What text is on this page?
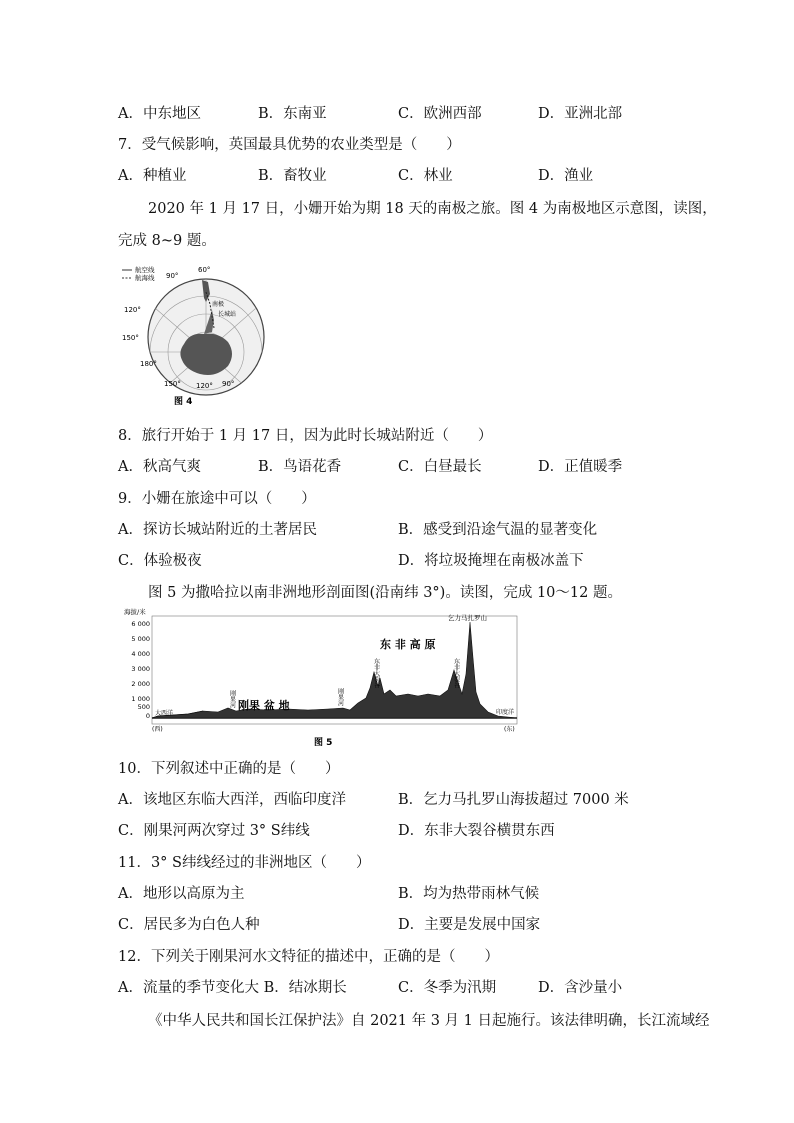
A．中东地区	B．东南亚	C．欧洲西部	D．亚洲北部
7．受气候影响，英国最具优势的农业类型是（　　）
A．种植业	B．畜牧业	C．林业	D．渔业
2020 年 1 月 17 日，小姗开始为期 18 天的南极之旅。图 4 为南极地区示意图，读图，
完成 8~9 题。
航空线
航海线
60°
90°
120°
150°
180°
150° 120° 90°
南极
长城站
图 4
8．旅行开始于 1 月 17 日，因为此时长城站附近（　　）
A．秋高气爽	B．鸟语花香	C．白昼最长	D．正值暖季
9．小姗在旅途中可以（　　）
A．探访长城站附近的土著居民	B．感受到沿途气温的显著变化
C．体验极夜	D．将垃圾掩埋在南极冰盖下
图 5 为撒哈拉以南非洲地形剖面图(沿南纬 3°)。读图，完成 10～12 题。
海拔/米
6 000
5 000
4 000
3 000
2 000
1 000
500
0 大西洋
刚果河 刚果 盆 地	刚果河
东 非 高 原
东非大裂谷	东非大裂谷
乞力马扎罗山
印度洋
(西)	(东)
图 5
10．下列叙述中正确的是（　　）
A．该地区东临大西洋，西临印度洋	B．乞力马扎罗山海拔超过 7000 米
C．刚果河两次穿过 3° S纬线	D．东非大裂谷横贯东西
11．3° S纬线经过的非洲地区（　　）
A．地形以高原为主	B．均为热带雨林气候
C．居民多为白色人种	D．主要是发展中国家
12．下列关于刚果河水文特征的描述中，正确的是（　　）
A．流量的季节变化大 B．结冰期长	C．冬季为汛期	D．含沙量小
《中华人民共和国长江保护法》自 2021 年 3 月 1 日起施行。该法律明确，长江流域经
